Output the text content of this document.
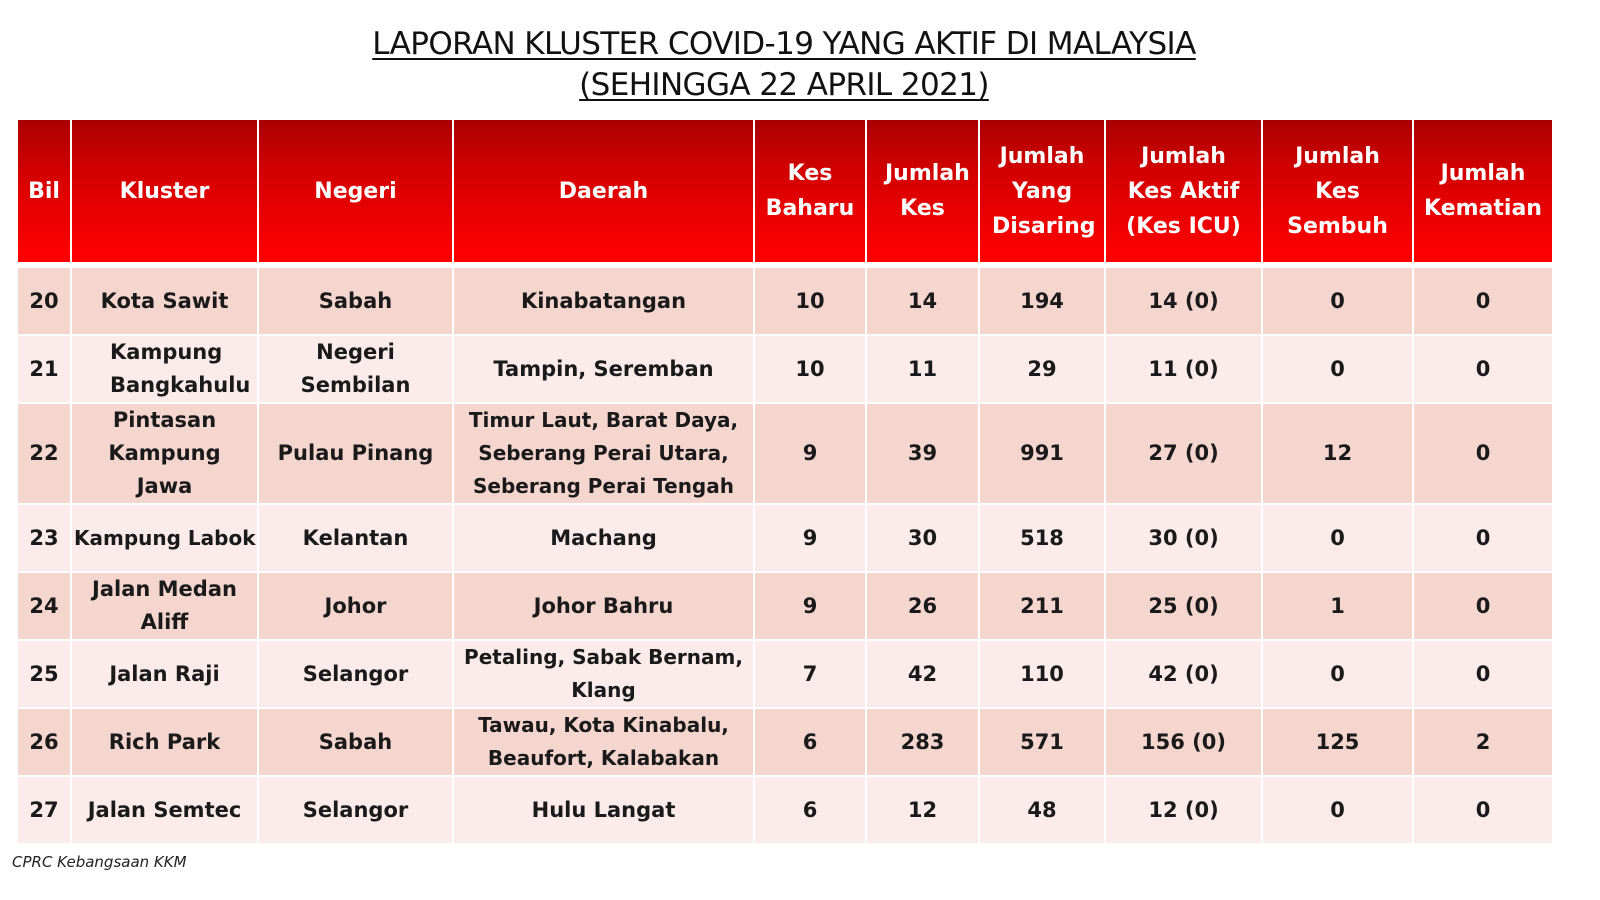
LAPORAN KLUSTER COVID-19 YANG AKTIF DI MALAYSIA
(SEHINGGA 22 APRIL 2021)
Bil	Kluster	Negeri	Daerah	Kes Baharu	Jumlah Kes	Jumlah Yang Disaring	Jumlah Kes Aktif (Kes ICU)	Jumlah Kes Sembuh	Jumlah Kematian
20	Kota Sawit	Sabah	Kinabatangan	10	14	194	14 (0)	0	0
21	Kampung Bangkahulu	Negeri Sembilan	Tampin, Seremban	10	11	29	11 (0)	0	0
22	Pintasan Kampung Jawa	Pulau Pinang	Timur Laut, Barat Daya, Seberang Perai Utara, Seberang Perai Tengah	9	39	991	27 (0)	12	0
23	Kampung Labok	Kelantan	Machang	9	30	518	30 (0)	0	0
24	Jalan Medan Aliff	Johor	Johor Bahru	9	26	211	25 (0)	1	0
25	Jalan Raji	Selangor	Petaling, Sabak Bernam, Klang	7	42	110	42 (0)	0	0
26	Rich Park	Sabah	Tawau, Kota Kinabalu, Beaufort, Kalabakan	6	283	571	156 (0)	125	2
27	Jalan Semtec	Selangor	Hulu Langat	6	12	48	12 (0)	0	0
CPRC Kebangsaan KKM
